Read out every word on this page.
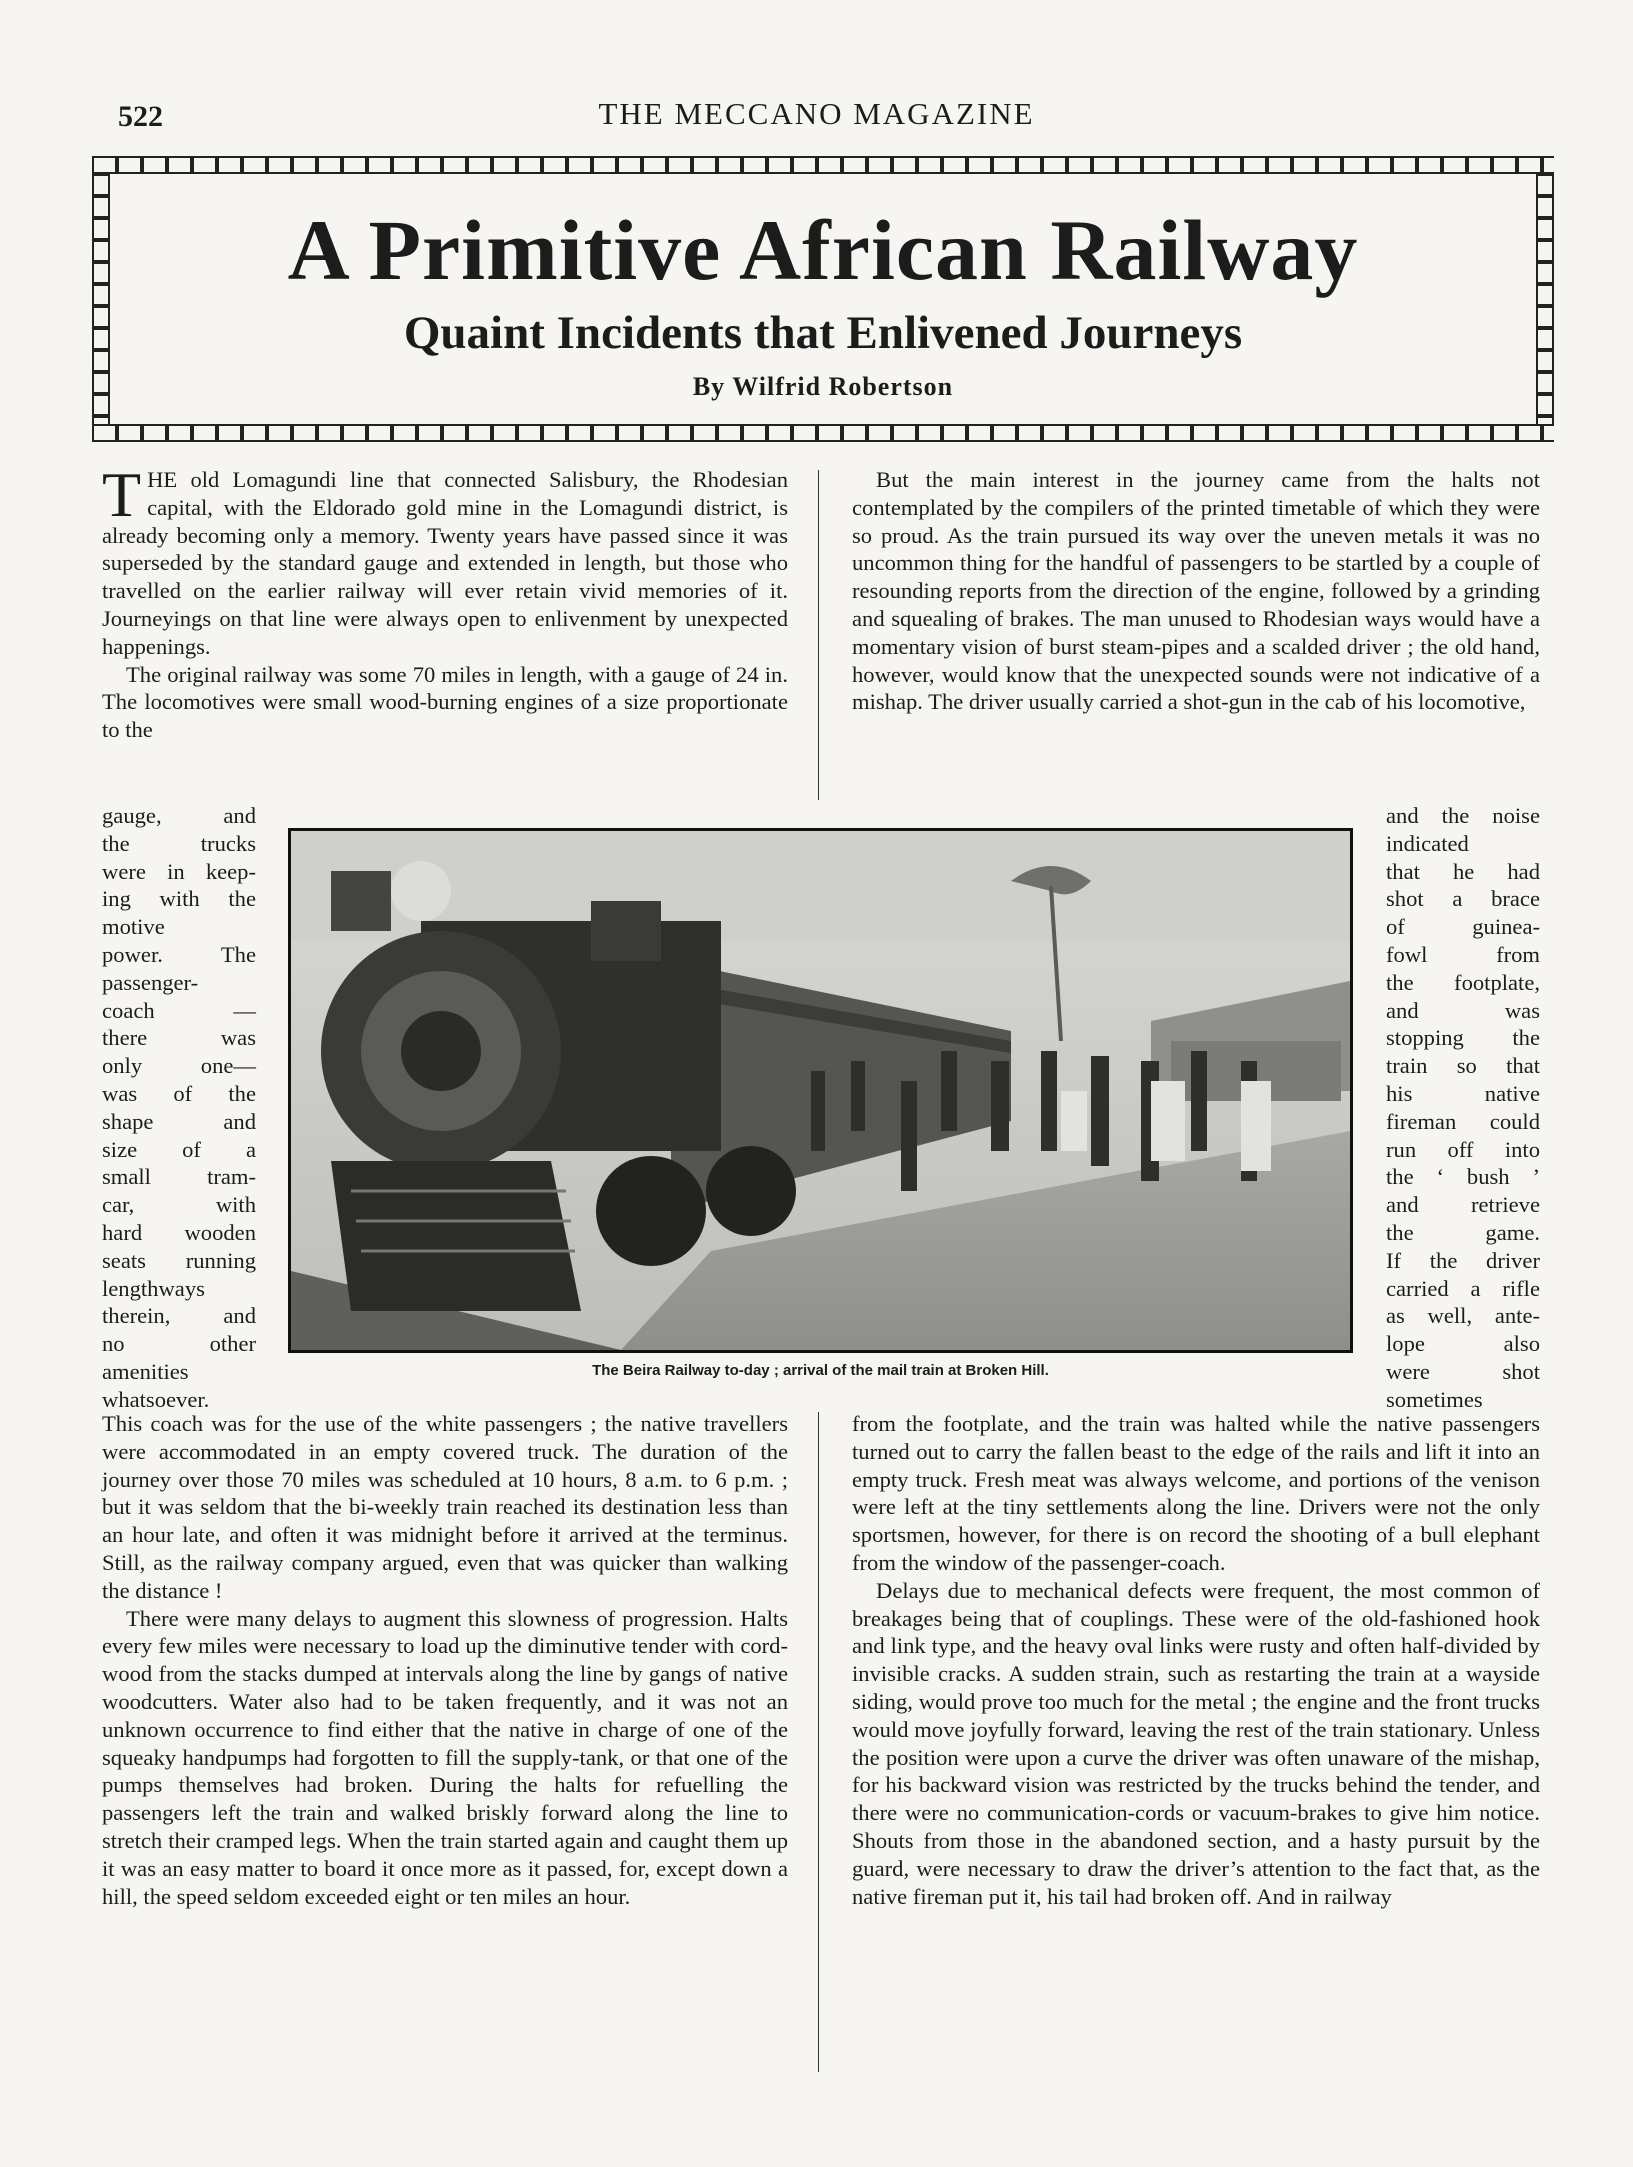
522	THE MECCANO MAGAZINE
A Primitive African Railway
Quaint Incidents that Enlivened Journeys
By Wilfrid Robertson

THE old Lomagundi line that connected Salisbury, the Rhodesian capital, with the Eldorado gold mine in the Lomagundi district, is already becoming only a memory. Twenty years have passed since it was superseded by the standard gauge and extended in length, but those who travelled on the earlier railway will ever retain vivid memories of it. Journeyings on that line were always open to enlivenment by unexpected happenings.

The original railway was some 70 miles in length, with a gauge of 24 in. The locomotives were small wood-burning engines of a size proportionate to the

gauge, and
the trucks
were in keep-
ing with the
motive
power. The
passenger-
coach —
there was
only one—
was of the
shape and
size of a
small tram-
car, with
hard wooden
seats running
lengthways
therein, and
no other
amenities
whatsoever.

This coach was for the use of the white passengers ; the native travellers were accommodated in an empty covered truck. The duration of the journey over those 70 miles was scheduled at 10 hours, 8 a.m. to 6 p.m. ; but it was seldom that the bi-weekly train reached its destination less than an hour late, and often it was midnight before it arrived at the terminus. Still, as the railway company argued, even that was quicker than walking the distance !

There were many delays to augment this slowness of progression. Halts every few miles were necessary to load up the diminutive tender with cord-wood from the stacks dumped at intervals along the line by gangs of native woodcutters. Water also had to be taken frequently, and it was not an unknown occurrence to find either that the native in charge of one of the squeaky handpumps had forgotten to fill the supply-tank, or that one of the pumps themselves had broken. During the halts for refuelling the passengers left the train and walked briskly forward along the line to stretch their cramped legs. When the train started again and caught them up it was an easy matter to board it once more as it passed, for, except down a hill, the speed seldom exceeded eight or ten miles an hour.

But the main interest in the journey came from the halts not contemplated by the compilers of the printed timetable of which they were so proud. As the train pursued its way over the uneven metals it was no uncommon thing for the handful of passengers to be startled by a couple of resounding reports from the direction of the engine, followed by a grinding and squealing of brakes. The man unused to Rhodesian ways would have a momentary vision of burst steam-pipes and a scalded driver ; the old hand, however, would know that the unexpected sounds were not indicative of a mishap. The driver usually carried a shot-gun in the cab of his locomotive,

and the noise
indicated
that he had
shot a brace
of guinea-
fowl from
the footplate,
and was
stopping the
train so that
his native
fireman could
run off into
the ‘ bush ’
and retrieve
the game.
If the driver
carried a rifle
as well, ante-
lope also
were shot
sometimes

from the footplate, and the train was halted while the native passengers turned out to carry the fallen beast to the edge of the rails and lift it into an empty truck. Fresh meat was always welcome, and portions of the venison were left at the tiny settlements along the line. Drivers were not the only sportsmen, however, for there is on record the shooting of a bull elephant from the window of the passenger-coach.

Delays due to mechanical defects were frequent, the most common of breakages being that of couplings. These were of the old-fashioned hook and link type, and the heavy oval links were rusty and often half-divided by invisible cracks. A sudden strain, such as restarting the train at a wayside siding, would prove too much for the metal ; the engine and the front trucks would move joyfully forward, leaving the rest of the train stationary. Unless the position were upon a curve the driver was often unaware of the mishap, for his backward vision was restricted by the trucks behind the tender, and there were no communication-cords or vacuum-brakes to give him notice. Shouts from those in the abandoned section, and a hasty pursuit by the guard, were necessary to draw the driver’s attention to the fact that, as the native fireman put it, his tail had broken off. And in railway

The Beira Railway to-day ; arrival of the mail train at Broken Hill.
